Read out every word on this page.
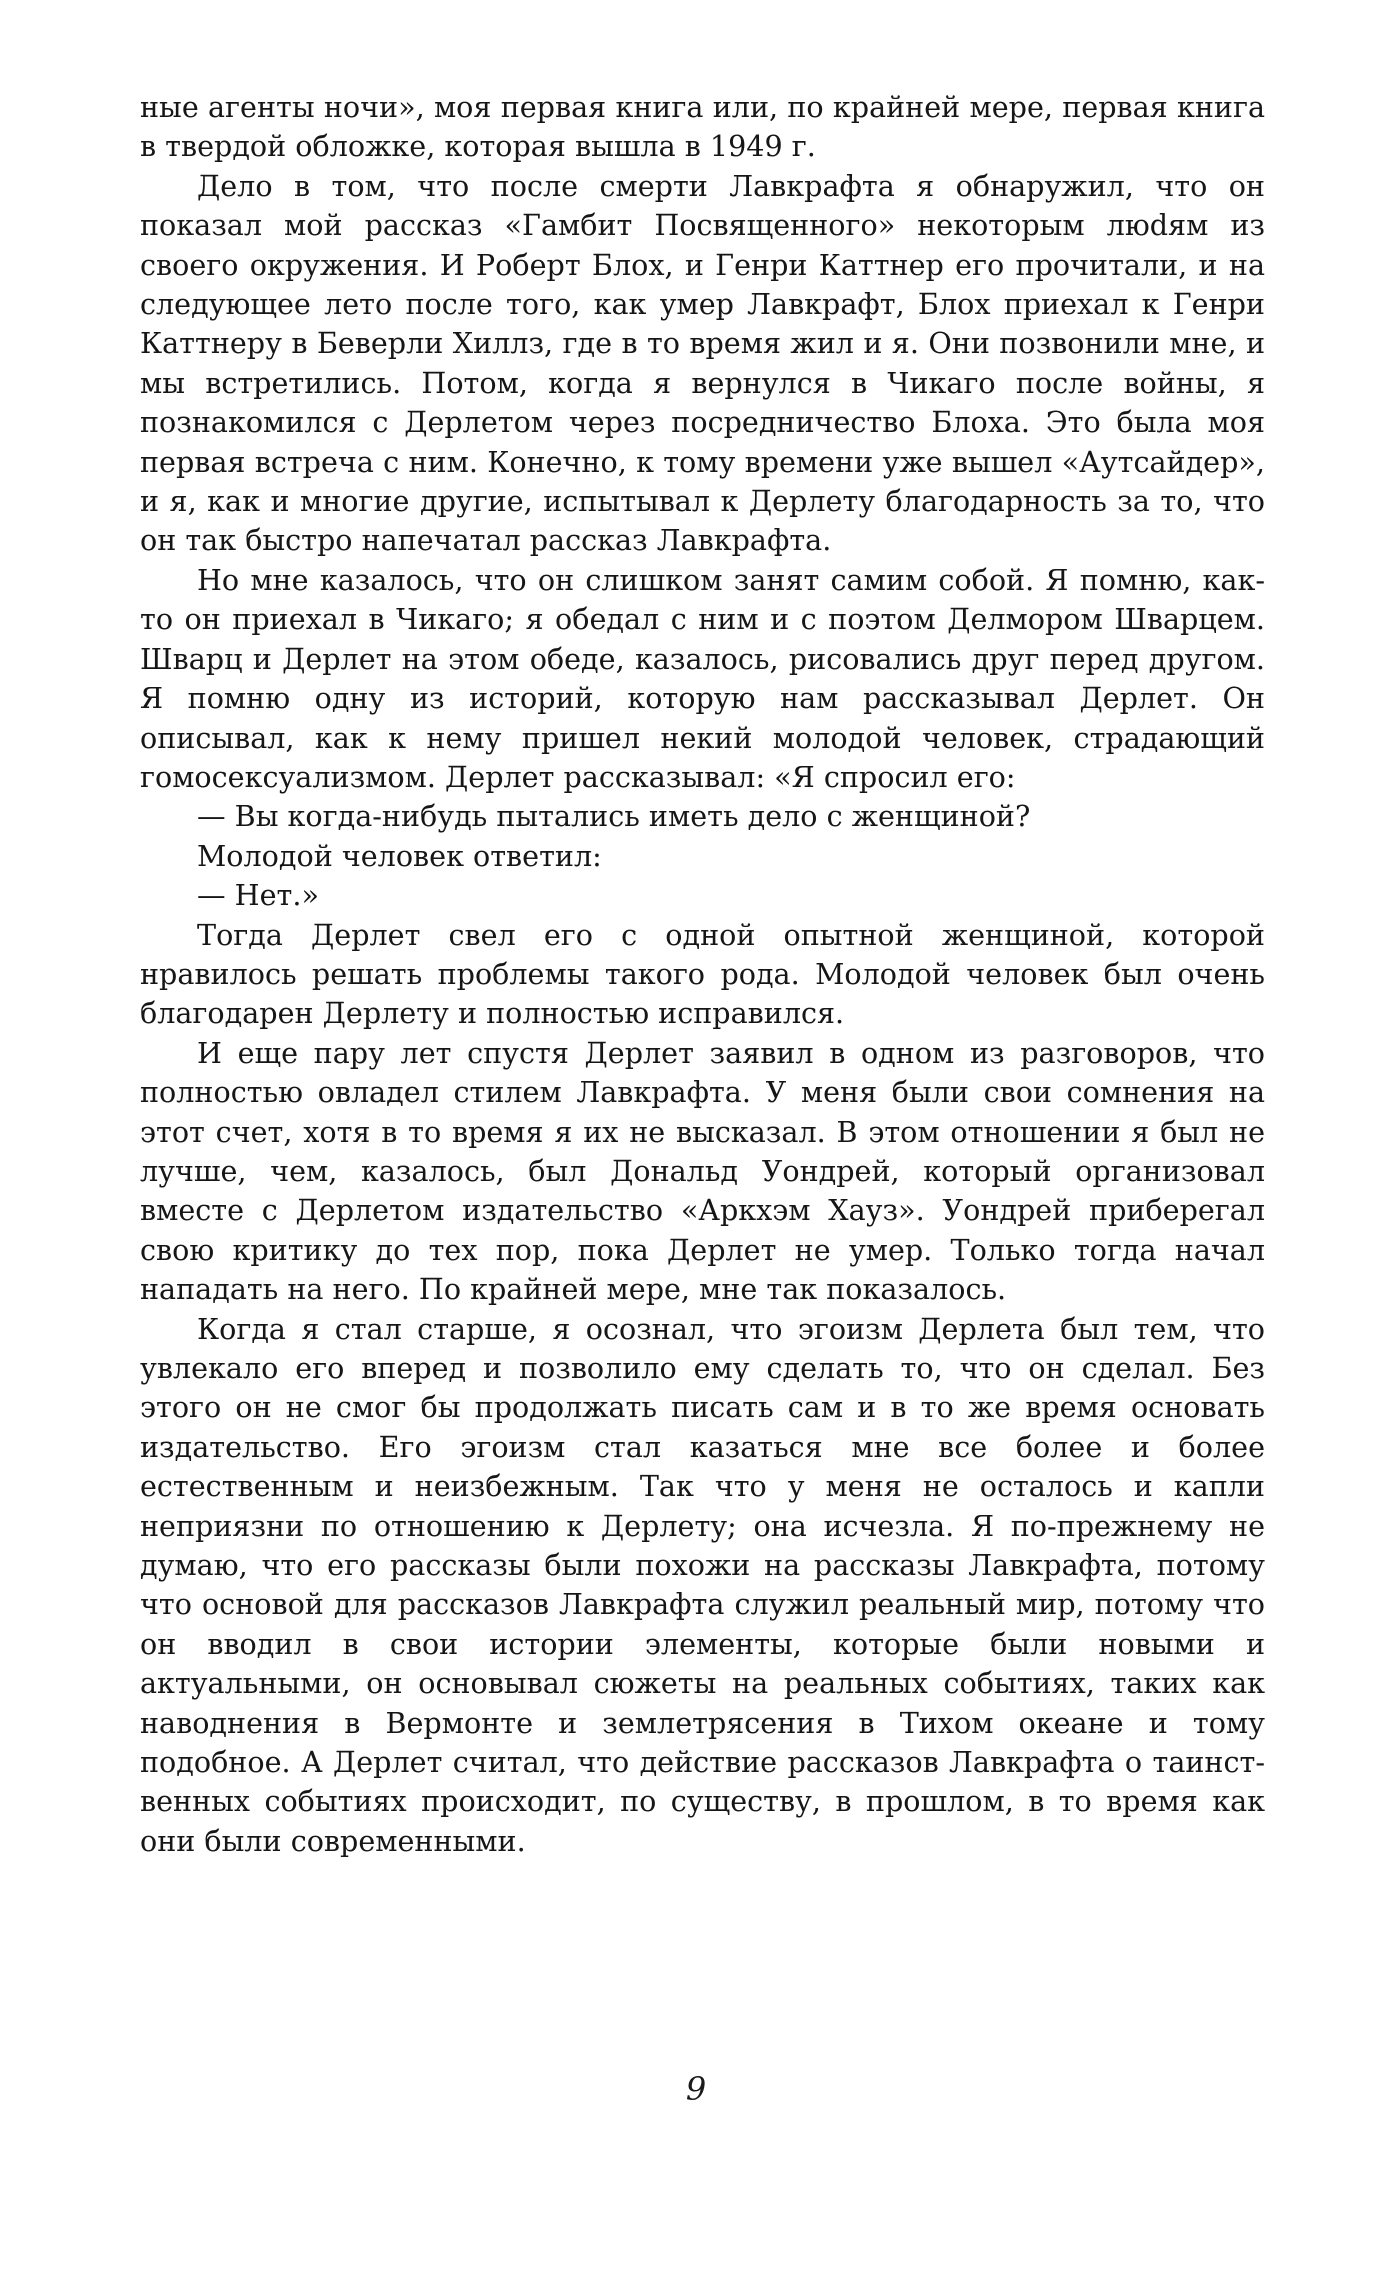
ные агенты ночи», моя первая книга или, по крайней мере, первая книга в твердой обложке, которая вышла в 1949 г.

Дело в том, что после смерти Лавкрафта я обнаружил, что он показал мой рассказ «Гамбит Посвященного» некоторым люdям из своего окружения. И Роберт Блох, и Генри Каттнер его прочитали, и на следующее лето после того, как умер Лавкрафт, Блох приехал к Генри Каттнеру в Беверли Хиллз, где в то время жил и я. Они позвонили мне, и мы встретились. Потом, когда я вернулся в Чикаго после войны, я познакомился с Дерлетом через посредничество Блоха. Это была моя первая встреча с ним. Конечно, к тому времени уже вышел «Аутсайдер», и я, как и многие другие, испытывал к Дерлету благодарность за то, что он так быстро напечатал рассказ Лавкрафта.

Но мне казалось, что он слишком занят самим собой. Я помню, как-то он приехал в Чикаго; я обедал с ним и с поэтом Делмором Шварцем. Шварц и Дерлет на этом обеде, казалось, рисовались друг перед другом. Я помню одну из историй, которую нам рассказывал Дерлет. Он описывал, как к нему пришел некий молодой человек, страдающий гомосексуализмом. Дерлет рассказывал: «Я спросил его:

— Вы когда-нибудь пытались иметь дело с женщиной?

Молодой человек ответил:

— Нет.»

Тогда Дерлет свел его с одной опытной женщиной, которой нравилось решать проблемы такого рода. Молодой человек был очень благодарен Дерлету и полностью исправился.

И еще пару лет спустя Дерлет заявил в одном из разговоров, что полностью овладел стилем Лавкрафта. У меня были свои сомнения на этот счет, хотя в то время я их не высказал. В этом отношении я был не лучше, чем, казалось, был Дональд Уондрей, который организовал вместе с Дерлетом издательство «Аркхэм Хауз». Уондрей приберегал свою критику до тех пор, пока Дерлет не умер. Только тогда начал нападать на него. По крайней мере, мне так показалось.

Когда я стал старше, я осознал, что эгоизм Дерлета был тем, что увлекало его вперед и позволило ему сделать то, что он сделал. Без этого он не смог бы продолжать писать сам и в то же время основать издательство. Его эгоизм стал казаться мне все более и более естественным и неизбежным. Так что у меня не осталось и капли неприязни по отношению к Дерлету; она исчезла. Я по-прежнему не думаю, что его рассказы были похожи на рассказы Лавкрафта, потому что основой для рассказов Лавкрафта служил реальный мир, потому что он вводил в свои истории элементы, которые были новыми и актуальными, он основывал сюжеты на реальных событиях, таких как наводнения в Вермонте и землетрясения в Тихом океане и тому подобное. А Дерлет считал, что действие рассказов Лавкрафта о таинственных событиях происходит, по существу, в прошлом, в то время как они были современными.

9
